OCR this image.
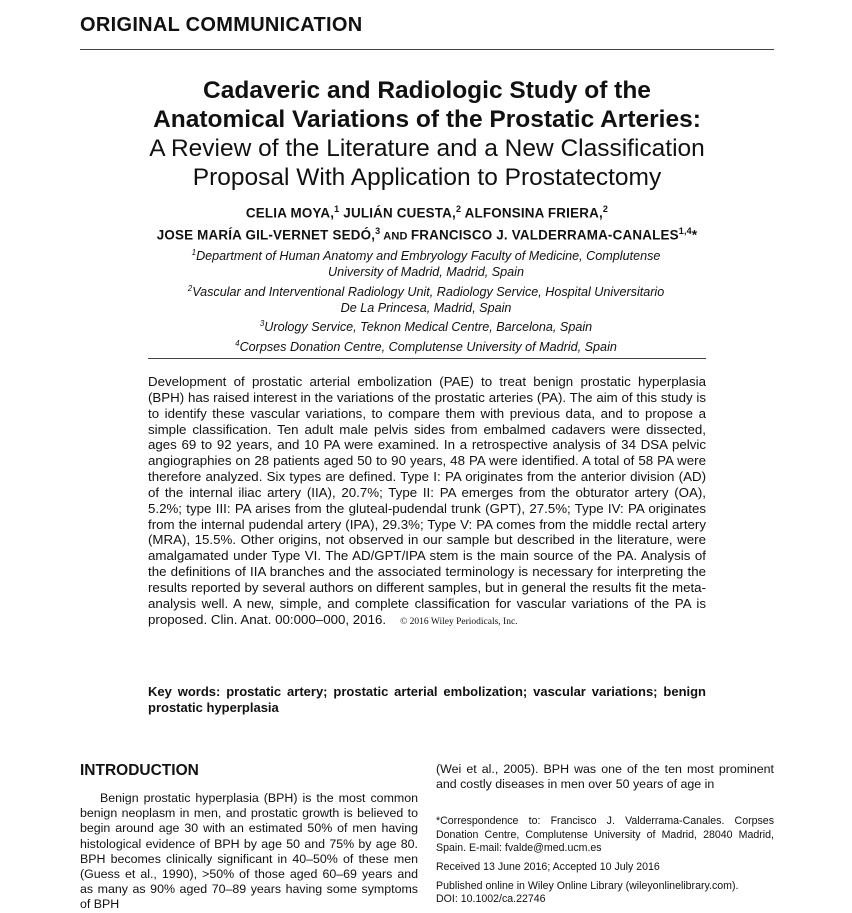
ORIGINAL COMMUNICATION
Cadaveric and Radiologic Study of the
Anatomical Variations of the Prostatic Arteries:
A Review of the Literature and a New Classification
Proposal With Application to Prostatectomy
CELIA MOYA,$^1$ JULIÁN CUESTA,$^2$ ALFONSINA FRIERA,$^2$
JOSE MARÍA GIL-VERNET SEDÓ,$^3$ AND FRANCISCO J. VALDERRAMA-CANALES$^{1,4}$*
$^1$Department of Human Anatomy and Embryology Faculty of Medicine, Complutense
University of Madrid, Madrid, Spain
$^2$Vascular and Interventional Radiology Unit, Radiology Service, Hospital Universitario
De La Princesa, Madrid, Spain
$^3$Urology Service, Teknon Medical Centre, Barcelona, Spain
$^4$Corpses Donation Centre, Complutense University of Madrid, Spain
Development of prostatic arterial embolization (PAE) to treat benign prostatic hyperplasia (BPH) has raised interest in the variations of the prostatic arteries (PA). The aim of this study is to identify these vascular variations, to compare them with previous data, and to propose a simple classification. Ten adult male pelvis sides from embalmed cadavers were dissected, ages 69 to 92 years, and 10 PA were examined. In a retrospective analysis of 34 DSA pelvic angiographies on 28 patients aged 50 to 90 years, 48 PA were identified. A total of 58 PA were therefore analyzed. Six types are defined. Type I: PA originates from the anterior division (AD) of the internal iliac artery (IIA), 20.7%; Type II: PA emerges from the obturator artery (OA), 5.2%; type III: PA arises from the gluteal-pudendal trunk (GPT), 27.5%; Type IV: PA originates from the internal pudendal artery (IPA), 29.3%; Type V: PA comes from the middle rectal artery (MRA), 15.5%. Other origins, not observed in our sample but described in the literature, were amalgamated under Type VI. The AD/GPT/IPA stem is the main source of the PA. Analysis of the definitions of IIA branches and the associated terminology is necessary for interpreting the results reported by several authors on different samples, but in general the results fit the meta-analysis well. A new, simple, and complete classification for vascular variations of the PA is proposed. Clin. Anat. 00:000–000, 2016. © 2016 Wiley Periodicals, Inc.
Key words: prostatic artery; prostatic arterial embolization; vascular variations; benign prostatic hyperplasia
INTRODUCTION
Benign prostatic hyperplasia (BPH) is the most common benign neoplasm in men, and prostatic growth is believed to begin around age 30 with an estimated 50% of men having histological evidence of BPH by age 50 and 75% by age 80. BPH becomes clinically significant in 40–50% of these men (Guess et al., 1990), >50% of those aged 60–69 years and as many as 90% aged 70–89 years having some symptoms of BPH
(Wei et al., 2005). BPH was one of the ten most prominent and costly diseases in men over 50 years of age in
*Correspondence to: Francisco J. Valderrama-Canales. Corpses Donation Centre, Complutense University of Madrid, 28040 Madrid, Spain. E-mail: fvalde@med.ucm.es
Received 13 June 2016; Accepted 10 July 2016
Published online in Wiley Online Library (wileyonlinelibrary.com).
DOI: 10.1002/ca.22746
